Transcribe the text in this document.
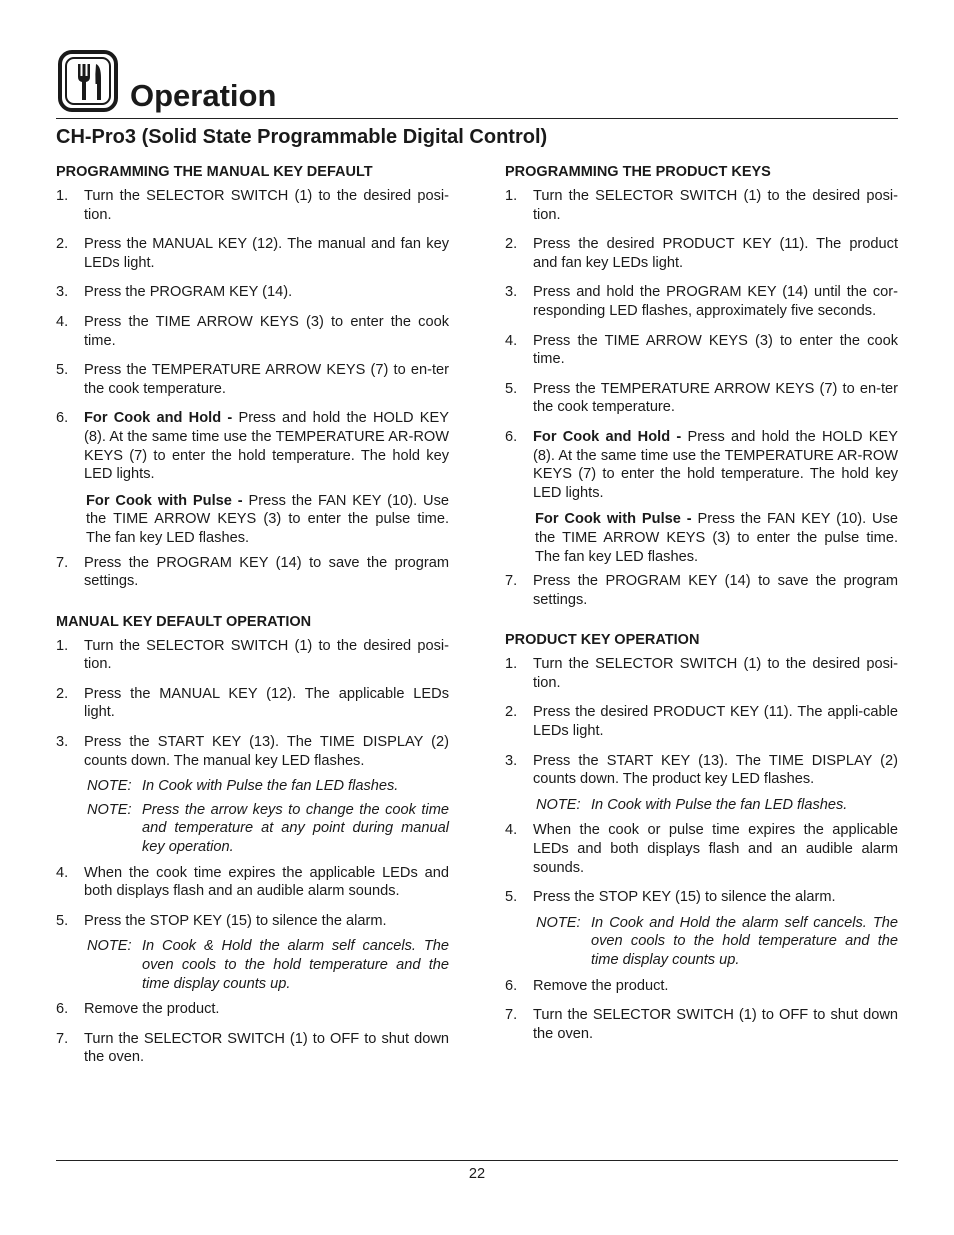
Operation
CH-Pro3 (Solid State Programmable Digital Control)
PROGRAMMING THE MANUAL KEY DEFAULT
1.	Turn the SELECTOR SWITCH (1) to the desired posi-tion.
2.	Press the MANUAL KEY (12). The manual and fan key LEDs light.
3.	Press the PROGRAM KEY (14).
4.	Press the TIME ARROW KEYS (3) to enter the cook time.
5.	Press the TEMPERATURE ARROW KEYS (7) to en-ter the cook temperature.
6.	For Cook and Hold - Press and hold the HOLD KEY (8). At the same time use the TEMPERATURE AR-ROW KEYS (7) to enter the hold temperature. The hold key LED lights.
For Cook with Pulse - Press the FAN KEY (10). Use the TIME ARROW KEYS (3) to enter the pulse time. The fan key LED flashes.
7.	Press the PROGRAM KEY (14) to save the program settings.
MANUAL KEY DEFAULT OPERATION
1.	Turn the SELECTOR SWITCH (1) to the desired posi-tion.
2.	Press the MANUAL KEY (12). The applicable LEDs light.
3.	Press the START KEY (13). The TIME DISPLAY (2) counts down. The manual key LED flashes.
NOTE: In Cook with Pulse the fan LED flashes.
NOTE: Press the arrow keys to change the cook time and temperature at any point during manual key operation.
4.	When the cook time expires the applicable LEDs and both displays flash and an audible alarm sounds.
5.	Press the STOP KEY (15) to silence the alarm.
NOTE: In Cook & Hold the alarm self cancels. The oven cools to the hold temperature and the time display counts up.
6.	Remove the product.
7.	Turn the SELECTOR SWITCH (1) to OFF to shut down the oven.
PROGRAMMING THE PRODUCT KEYS
1.	Turn the SELECTOR SWITCH (1) to the desired posi-tion.
2.	Press the desired PRODUCT KEY (11). The product and fan key LEDs light.
3.	Press and hold the PROGRAM KEY (14) until the cor-responding LED flashes, approximately five seconds.
4.	Press the TIME ARROW KEYS (3) to enter the cook time.
5.	Press the TEMPERATURE ARROW KEYS (7) to en-ter the cook temperature.
6.	For Cook and Hold - Press and hold the HOLD KEY (8). At the same time use the TEMPERATURE AR-ROW KEYS (7) to enter the hold temperature. The hold key LED lights.
For Cook with Pulse - Press the FAN KEY (10). Use the TIME ARROW KEYS (3) to enter the pulse time. The fan key LED flashes.
7.	Press the PROGRAM KEY (14) to save the program settings.
PRODUCT KEY OPERATION
1.	Turn the SELECTOR SWITCH (1) to the desired posi-tion.
2.	Press the desired PRODUCT KEY (11). The appli-cable LEDs light.
3.	Press the START KEY (13). The TIME DISPLAY (2) counts down. The product key LED flashes.
NOTE: In Cook with Pulse the fan LED flashes.
4.	When the cook or pulse time expires the applicable LEDs and both displays flash and an audible alarm sounds.
5.	Press the STOP KEY (15) to silence the alarm.
NOTE: In Cook and Hold the alarm self cancels. The oven cools to the hold temperature and the time display counts up.
6.	Remove the product.
7.	Turn the SELECTOR SWITCH (1) to OFF to shut down the oven.
22
